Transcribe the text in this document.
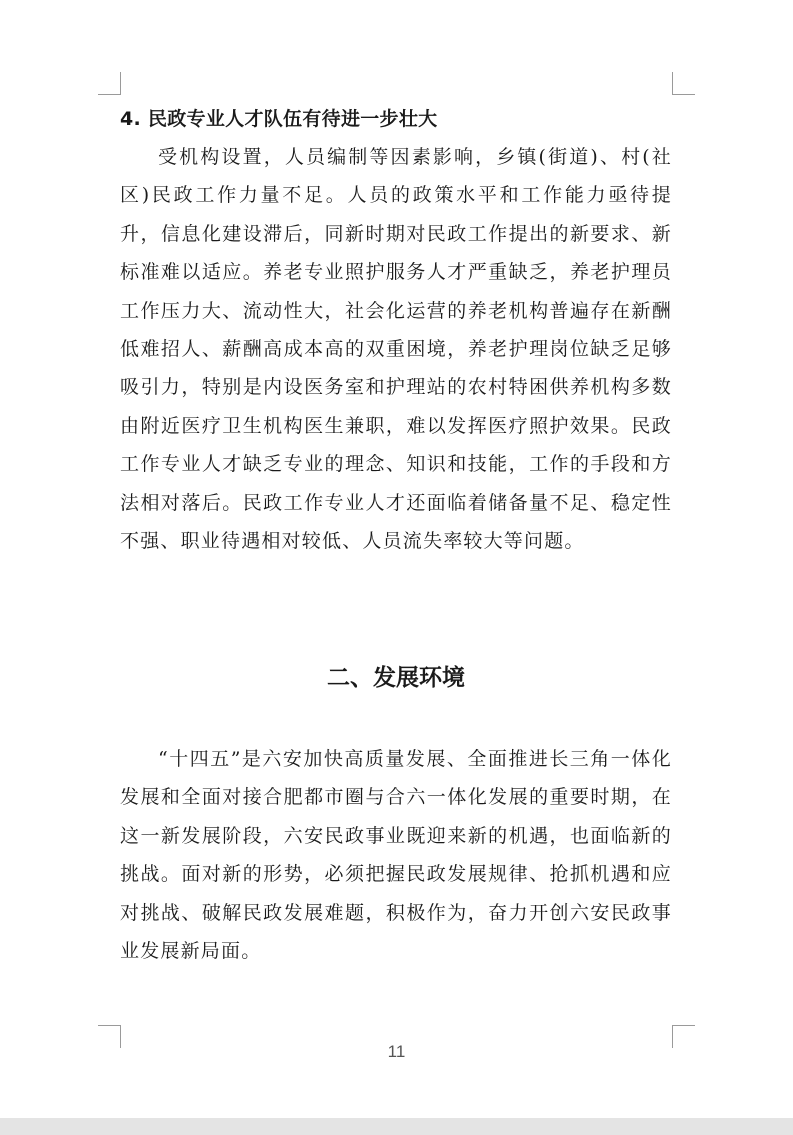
4. 民政专业人才队伍有待进一步壮大

受机构设置，人员编制等因素影响，乡镇(街道)、村(社区)民政工作力量不足。人员的政策水平和工作能力亟待提升，信息化建设滞后，同新时期对民政工作提出的新要求、新标准难以适应。养老专业照护服务人才严重缺乏，养老护理员工作压力大、流动性大，社会化运营的养老机构普遍存在新酬低难招人、薪酬高成本高的双重困境，养老护理岗位缺乏足够吸引力，特别是内设医务室和护理站的农村特困供养机构多数由附近医疗卫生机构医生兼职，难以发挥医疗照护效果。民政工作专业人才缺乏专业的理念、知识和技能，工作的手段和方法相对落后。民政工作专业人才还面临着储备量不足、稳定性不强、职业待遇相对较低、人员流失率较大等问题。

二、发展环境

“十四五”是六安加快高质量发展、全面推进长三角一体化发展和全面对接合肥都市圈与合六一体化发展的重要时期，在这一新发展阶段，六安民政事业既迎来新的机遇，也面临新的挑战。面对新的形势，必须把握民政发展规律、抢抓机遇和应对挑战、破解民政发展难题，积极作为，奋力开创六安民政事业发展新局面。

11
